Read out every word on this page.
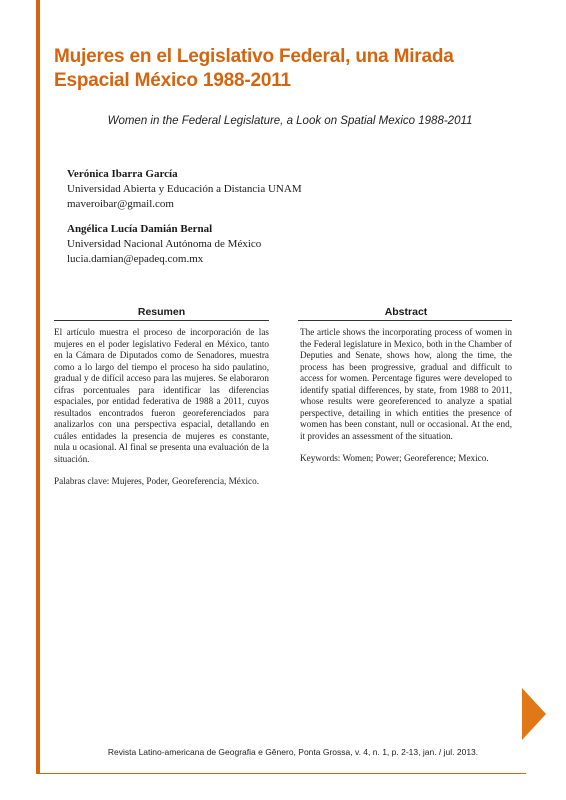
Mujeres en el Legislativo Federal, una Mirada Espacial México 1988-2011

Women in the Federal Legislature, a Look on Spatial Mexico 1988-2011

Verónica Ibarra García
Universidad Abierta y Educación a Distancia UNAM
maveroibar@gmail.com
Angélica Lucía Damián Bernal
Universidad Nacional Autónoma de México
lucia.damian@epadeq.com.mx
Resumen

El artículo muestra el proceso de incorporación de las mujeres en el poder legislativo Federal en México, tanto en la Cámara de Diputados como de Senadores, muestra como a lo largo del tiempo el proceso ha sido paulatino, gradual y de difícil acceso para las mujeres. Se elaboraron cifras porcentuales para identificar las diferencias espaciales, por entidad federativa de 1988 a 2011, cuyos resultados encontrados fueron georeferenciados para analizarlos con una perspectiva espacial, detallando en cuáles entidades la presencia de mujeres es constante, nula u ocasional. Al final se presenta una evaluación de la situación.

Palabras clave: Mujeres, Poder, Georeferencia, México.

Abstract

The article shows the incorporating process of women in the Federal legislature in Mexico, both in the Chamber of Deputies and Senate, shows how, along the time, the process has been progressive, gradual and difficult to access for women. Percentage figures were developed to identify spatial differences, by state, from 1988 to 2011, whose results were georeferenced to analyze a spatial perspective, detailing in which entities the presence of women has been constant, null or occasional. At the end, it provides an assessment of the situation.

Keywords: Women; Power; Georeference; Mexico.

Revista Latino-americana de Geografia e Gênero, Ponta Grossa, v. 4, n. 1, p. 2-13, jan. / jul. 2013.
